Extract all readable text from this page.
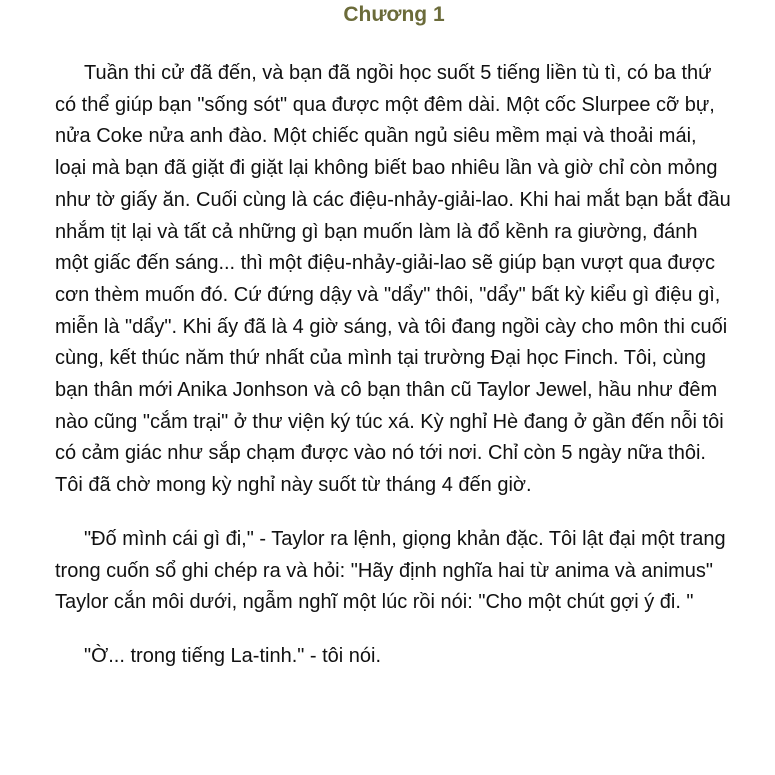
Chương 1

Tuần thi cử đã đến, và bạn đã ngồi học suốt 5 tiếng liền tù tì, có ba thứ có thể giúp bạn "sống sót" qua được một đêm dài. Một cốc Slurpee cỡ bự, nửa Coke nửa anh đào. Một chiếc quần ngủ siêu mềm mại và thoải mái, loại mà bạn đã giặt đi giặt lại không biết bao nhiêu lần và giờ chỉ còn mỏng như tờ giấy ăn. Cuối cùng là các điệu-nhảy-giải-lao. Khi hai mắt bạn bắt đầu nhắm tịt lại và tất cả những gì bạn muốn làm là đổ kềnh ra giường, đánh một giấc đến sáng... thì một điệu-nhảy-giải-lao sẽ giúp bạn vượt qua được cơn thèm muốn đó. Cứ đứng dậy và "dẩy" thôi, "dẩy" bất kỳ kiểu gì điệu gì, miễn là "dẩy". Khi ấy đã là 4 giờ sáng, và tôi đang ngồi cày cho môn thi cuối cùng, kết thúc năm thứ nhất của mình tại trường Đại học Finch. Tôi, cùng bạn thân mới Anika Jonhson và cô bạn thân cũ Taylor Jewel, hầu như đêm nào cũng "cắm trại" ở thư viện ký túc xá. Kỳ nghỉ Hè đang ở gần đến nỗi tôi có cảm giác như sắp chạm được vào nó tới nơi. Chỉ còn 5 ngày nữa thôi. Tôi đã chờ mong kỳ nghỉ này suốt từ tháng 4 đến giờ.

"Đố mình cái gì đi," - Taylor ra lệnh, giọng khản đặc. Tôi lật đại một trang trong cuốn sổ ghi chép ra và hỏi: "Hãy định nghĩa hai từ anima và animus" Taylor cắn môi dưới, ngẫm nghĩ một lúc rồi nói: "Cho một chút gợi ý đi. "

"Ờ... trong tiếng La-tinh." - tôi nói.
